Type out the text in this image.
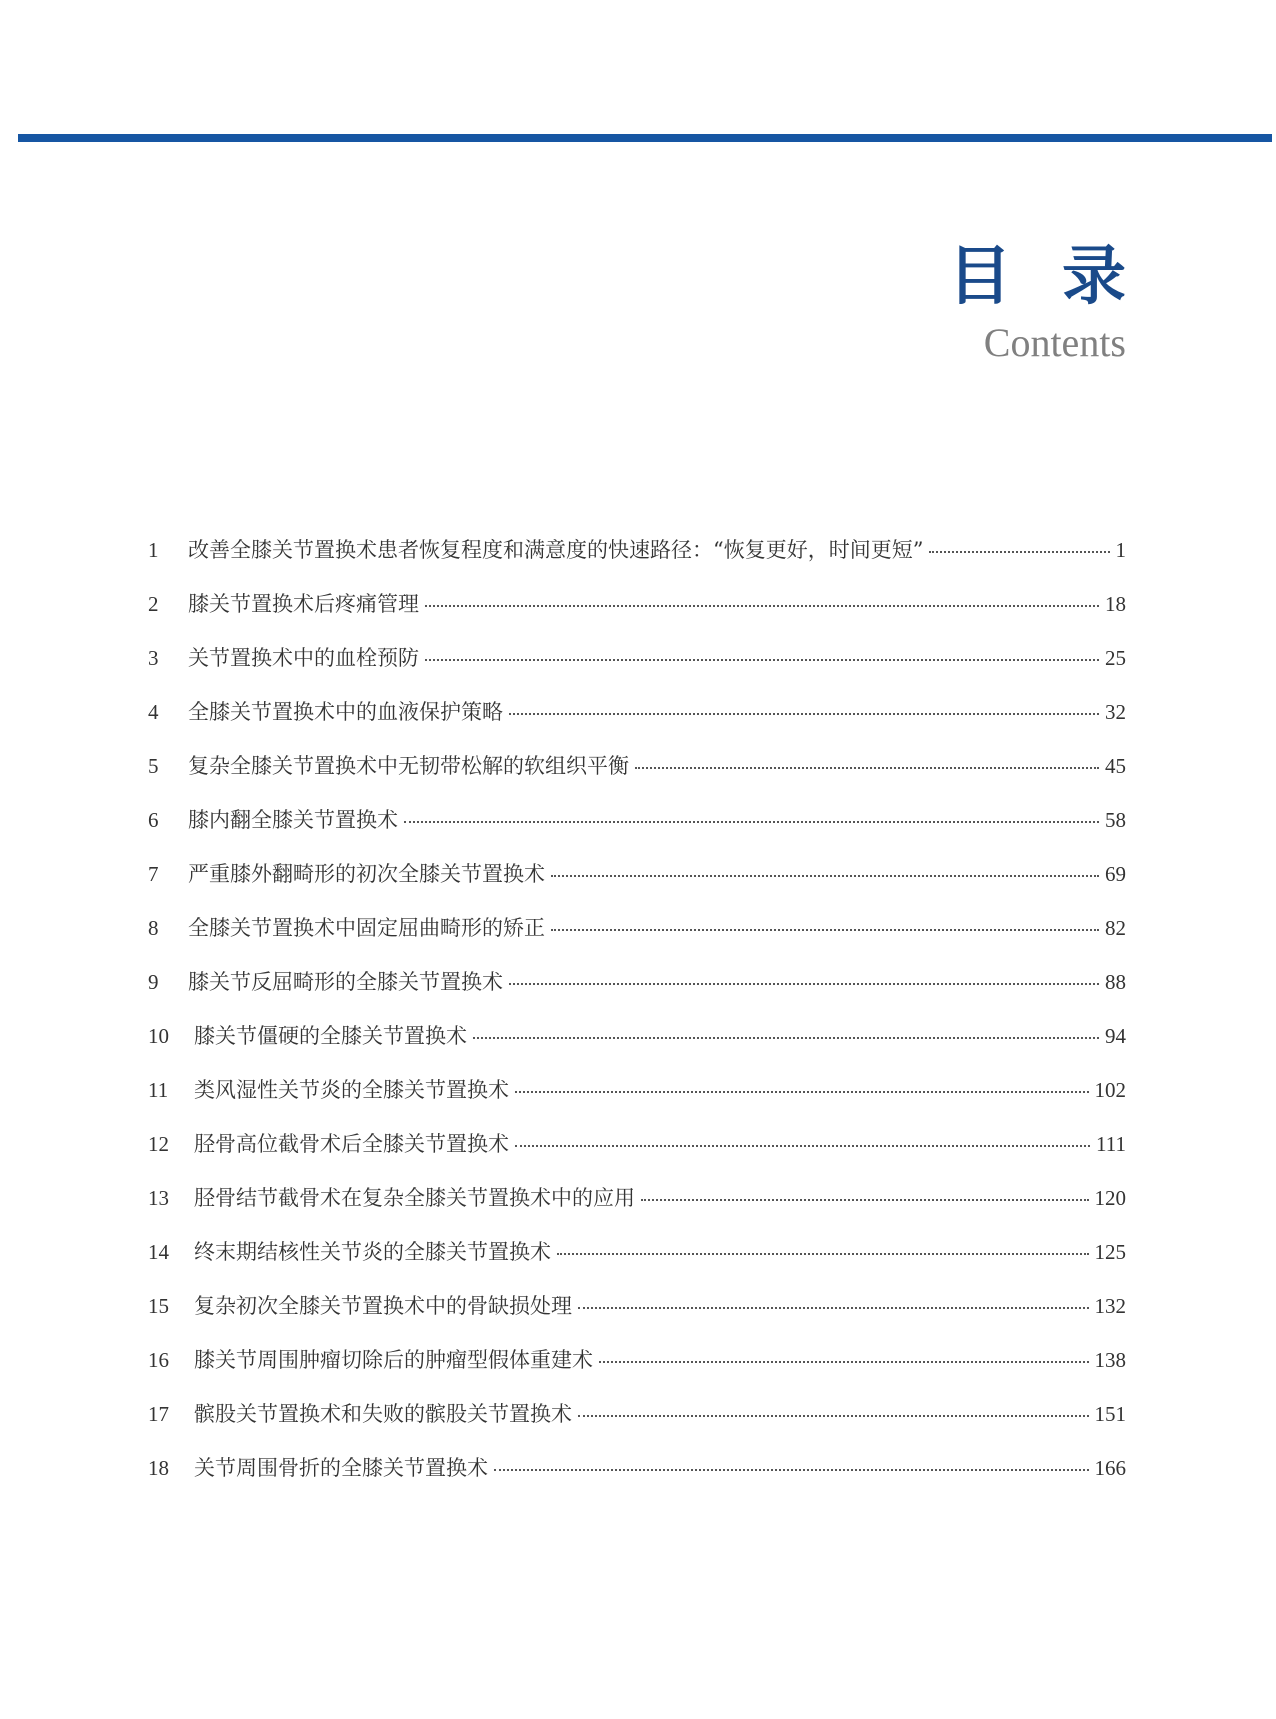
目 录
Contents
1	改善全膝关节置换术患者恢复程度和满意度的快速路径：“恢复更好，时间更短”	1
2	膝关节置换术后疼痛管理	18
3	关节置换术中的血栓预防	25
4	全膝关节置换术中的血液保护策略	32
5	复杂全膝关节置换术中无韧带松解的软组织平衡	45
6	膝内翻全膝关节置换术	58
7	严重膝外翻畸形的初次全膝关节置换术	69
8	全膝关节置换术中固定屈曲畸形的矫正	82
9	膝关节反屈畸形的全膝关节置换术	88
10	膝关节僵硬的全膝关节置换术	94
11	类风湿性关节炎的全膝关节置换术	102
12	胫骨高位截骨术后全膝关节置换术	111
13	胫骨结节截骨术在复杂全膝关节置换术中的应用	120
14	终末期结核性关节炎的全膝关节置换术	125
15	复杂初次全膝关节置换术中的骨缺损处理	132
16	膝关节周围肿瘤切除后的肿瘤型假体重建术	138
17	髌股关节置换术和失败的髌股关节置换术	151
18	关节周围骨折的全膝关节置换术	166
